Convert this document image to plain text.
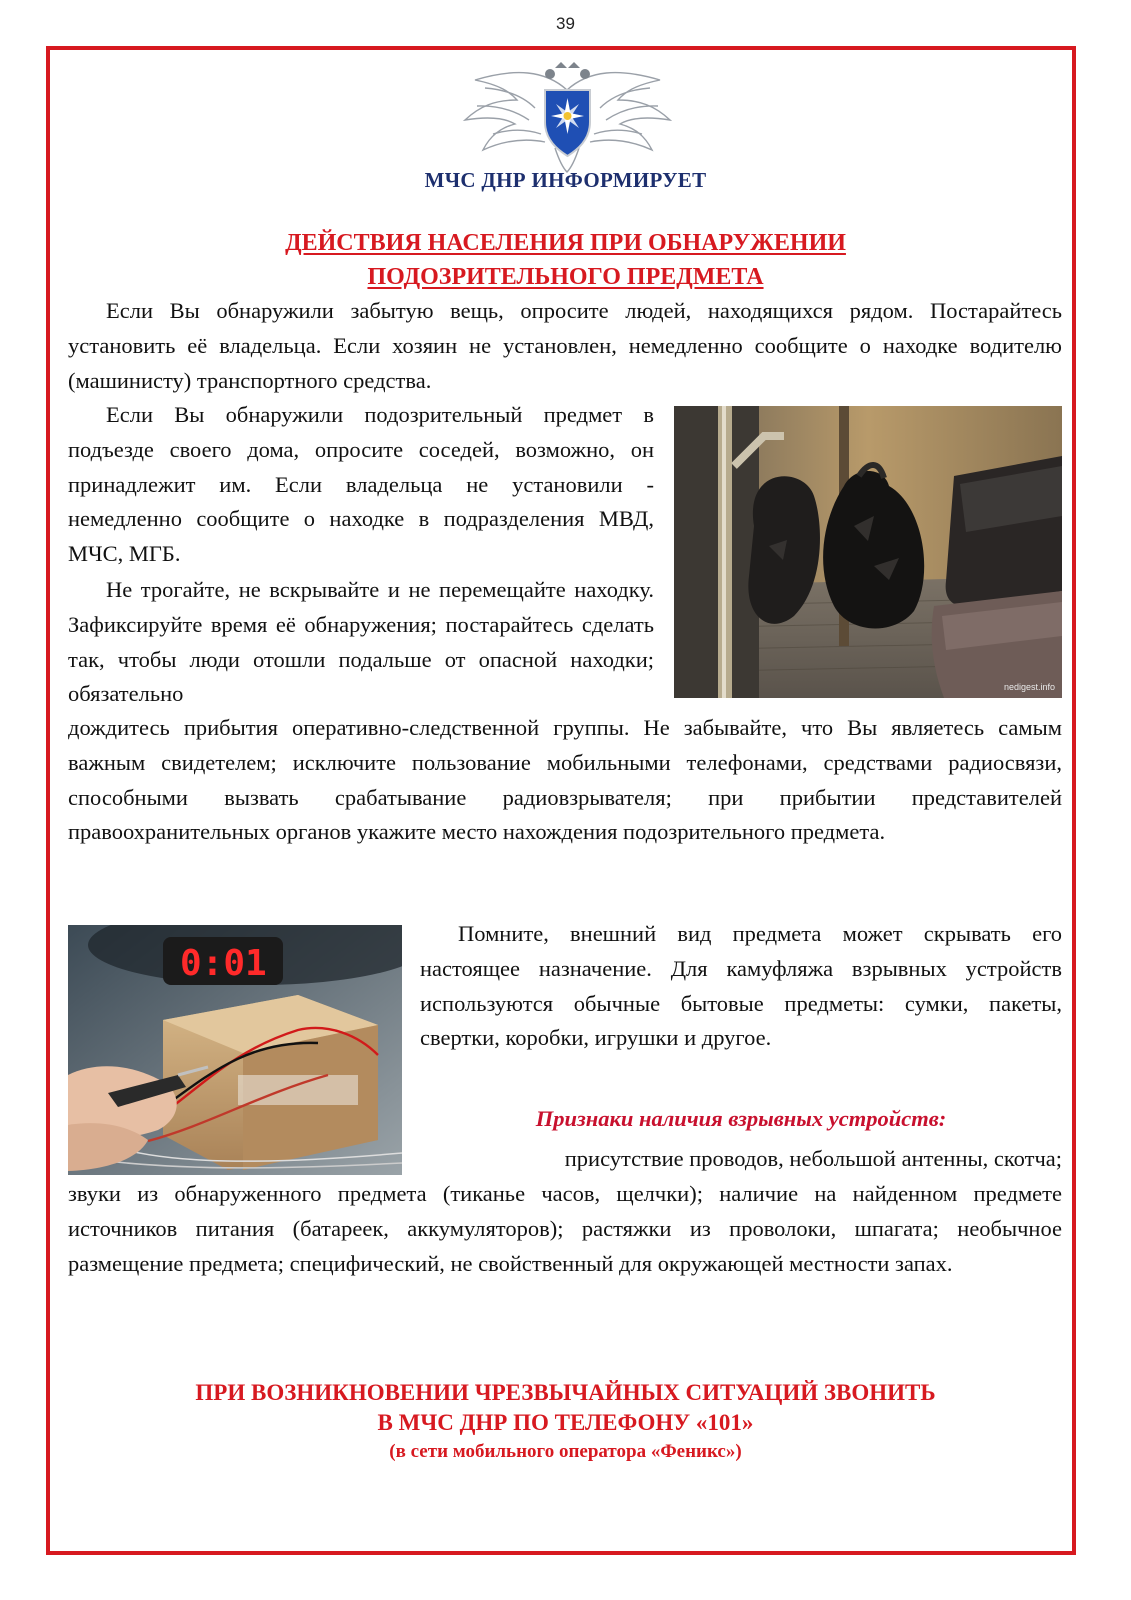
39
МЧС ДНР ИНФОРМИРУЕТ
ДЕЙСТВИЯ НАСЕЛЕНИЯ ПРИ ОБНАРУЖЕНИИ
ПОДОЗРИТЕЛЬНОГО ПРЕДМЕТА

Если Вы обнаружили забытую вещь, опросите людей, находящихся рядом. Постарайтесь установить её владельца. Если хозяин не установлен, немедленно сообщите о находке водителю (машинисту) транспортного средства.

Если Вы обнаружили подозрительный предмет в подъезде своего дома, опросите соседей, возможно, он принадлежит им. Если владельца не установили - немедленно сообщите о находке в подразделения МВД, МЧС, МГБ.

Не трогайте, не вскрывайте и не перемещайте находку. Зафиксируйте время её обнаружения; постарайтесь сделать так, чтобы люди отошли подальше от опасной находки; обязательно	nedigest.info

дождитесь прибытия оперативно-следственной группы. Не забывайте, что Вы являетесь самым важным свидетелем; исключите пользование мобильными телефонами, средствами радиосвязи, способными вызвать срабатывание радиовзрывателя; при прибытии представителей правоохранительных органов укажите место нахождения подозрительного предмета.

0:01

Помните, внешний вид предмета может скрывать его настоящее назначение. Для камуфляжа взрывных устройств используются обычные бытовые предметы: сумки, пакеты, свертки, коробки, игрушки и другое.

Признаки наличия взрывных устройств:

присутствие проводов, небольшой антенны, скотча;

звуки из обнаруженного предмета (тиканье часов, щелчки); наличие на найденном предмете источников питания (батареек, аккумуляторов); растяжки из проволоки, шпагата; необычное размещение предмета; специфический, не свойственный для окружающей местности запах.

ПРИ ВОЗНИКНОВЕНИИ ЧРЕЗВЫЧАЙНЫХ СИТУАЦИЙ ЗВОНИТЬ
В МЧС ДНР ПО ТЕЛЕФОНУ «101»
(в сети мобильного оператора «Феникс»)
